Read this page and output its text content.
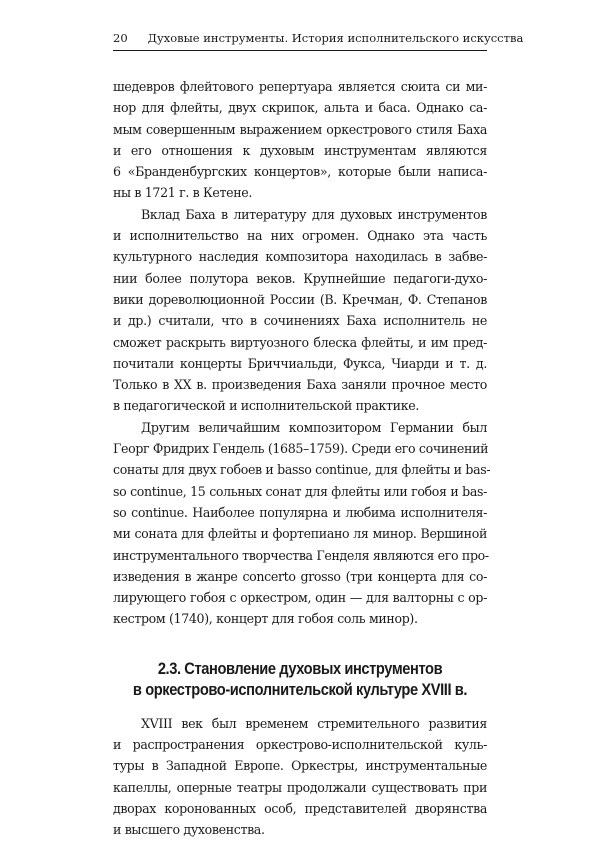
20 Духовые инструменты. История исполнительского искусства
шедевров флейтового репертуара является сюита си ми-
нор для флейты, двух скрипок, альта и баса. Однако са-
мым совершенным выражением оркестрового стиля Баха
и его отношения к духовым инструментам являются
6 «Бранденбургских концертов», которые были написа-
ны в 1721 г. в Кетене.
Вклад Баха в литературу для духовых инструментов
и исполнительство на них огромен. Однако эта часть
культурного наследия композитора находилась в забве-
нии более полутора веков. Крупнейшие педагоги-духо-
вики дореволюционной России (В. Кречман, Ф. Степанов
и др.) считали, что в сочинениях Баха исполнитель не
сможет раскрыть виртуозного блеска флейты, и им пред-
почитали концерты Бриччиальди, Фукса, Чиарди и т. д.
Только в XX в. произведения Баха заняли прочное место
в педагогической и исполнительской практике.
Другим величайшим композитором Германии был
Георг Фридрих Гендель (1685–1759). Среди его сочинений
сонаты для двух гобоев и basso continue, для флейты и bas-
so continue, 15 сольных сонат для флейты или гобоя и bas-
so continue. Наиболее популярна и любима исполнителя-
ми соната для флейты и фортепиано ля минор. Вершиной
инструментального творчества Генделя являются его про-
изведения в жанре concerto grosso (три концерта для со-
лирующего гобоя с оркестром, один — для валторны с ор-
кестром (1740), концерт для гобоя соль минор).
2.3. Становление духовых инструментов
в оркестрово-исполнительской культуре XVIII в.
XVIII век был временем стремительного развития
и распространения оркестрово-исполнительской куль-
туры в Западной Европе. Оркестры, инструментальные
капеллы, оперные театры продолжали существовать при
дворах коронованных особ, представителей дворянства
и высшего духовенства.
